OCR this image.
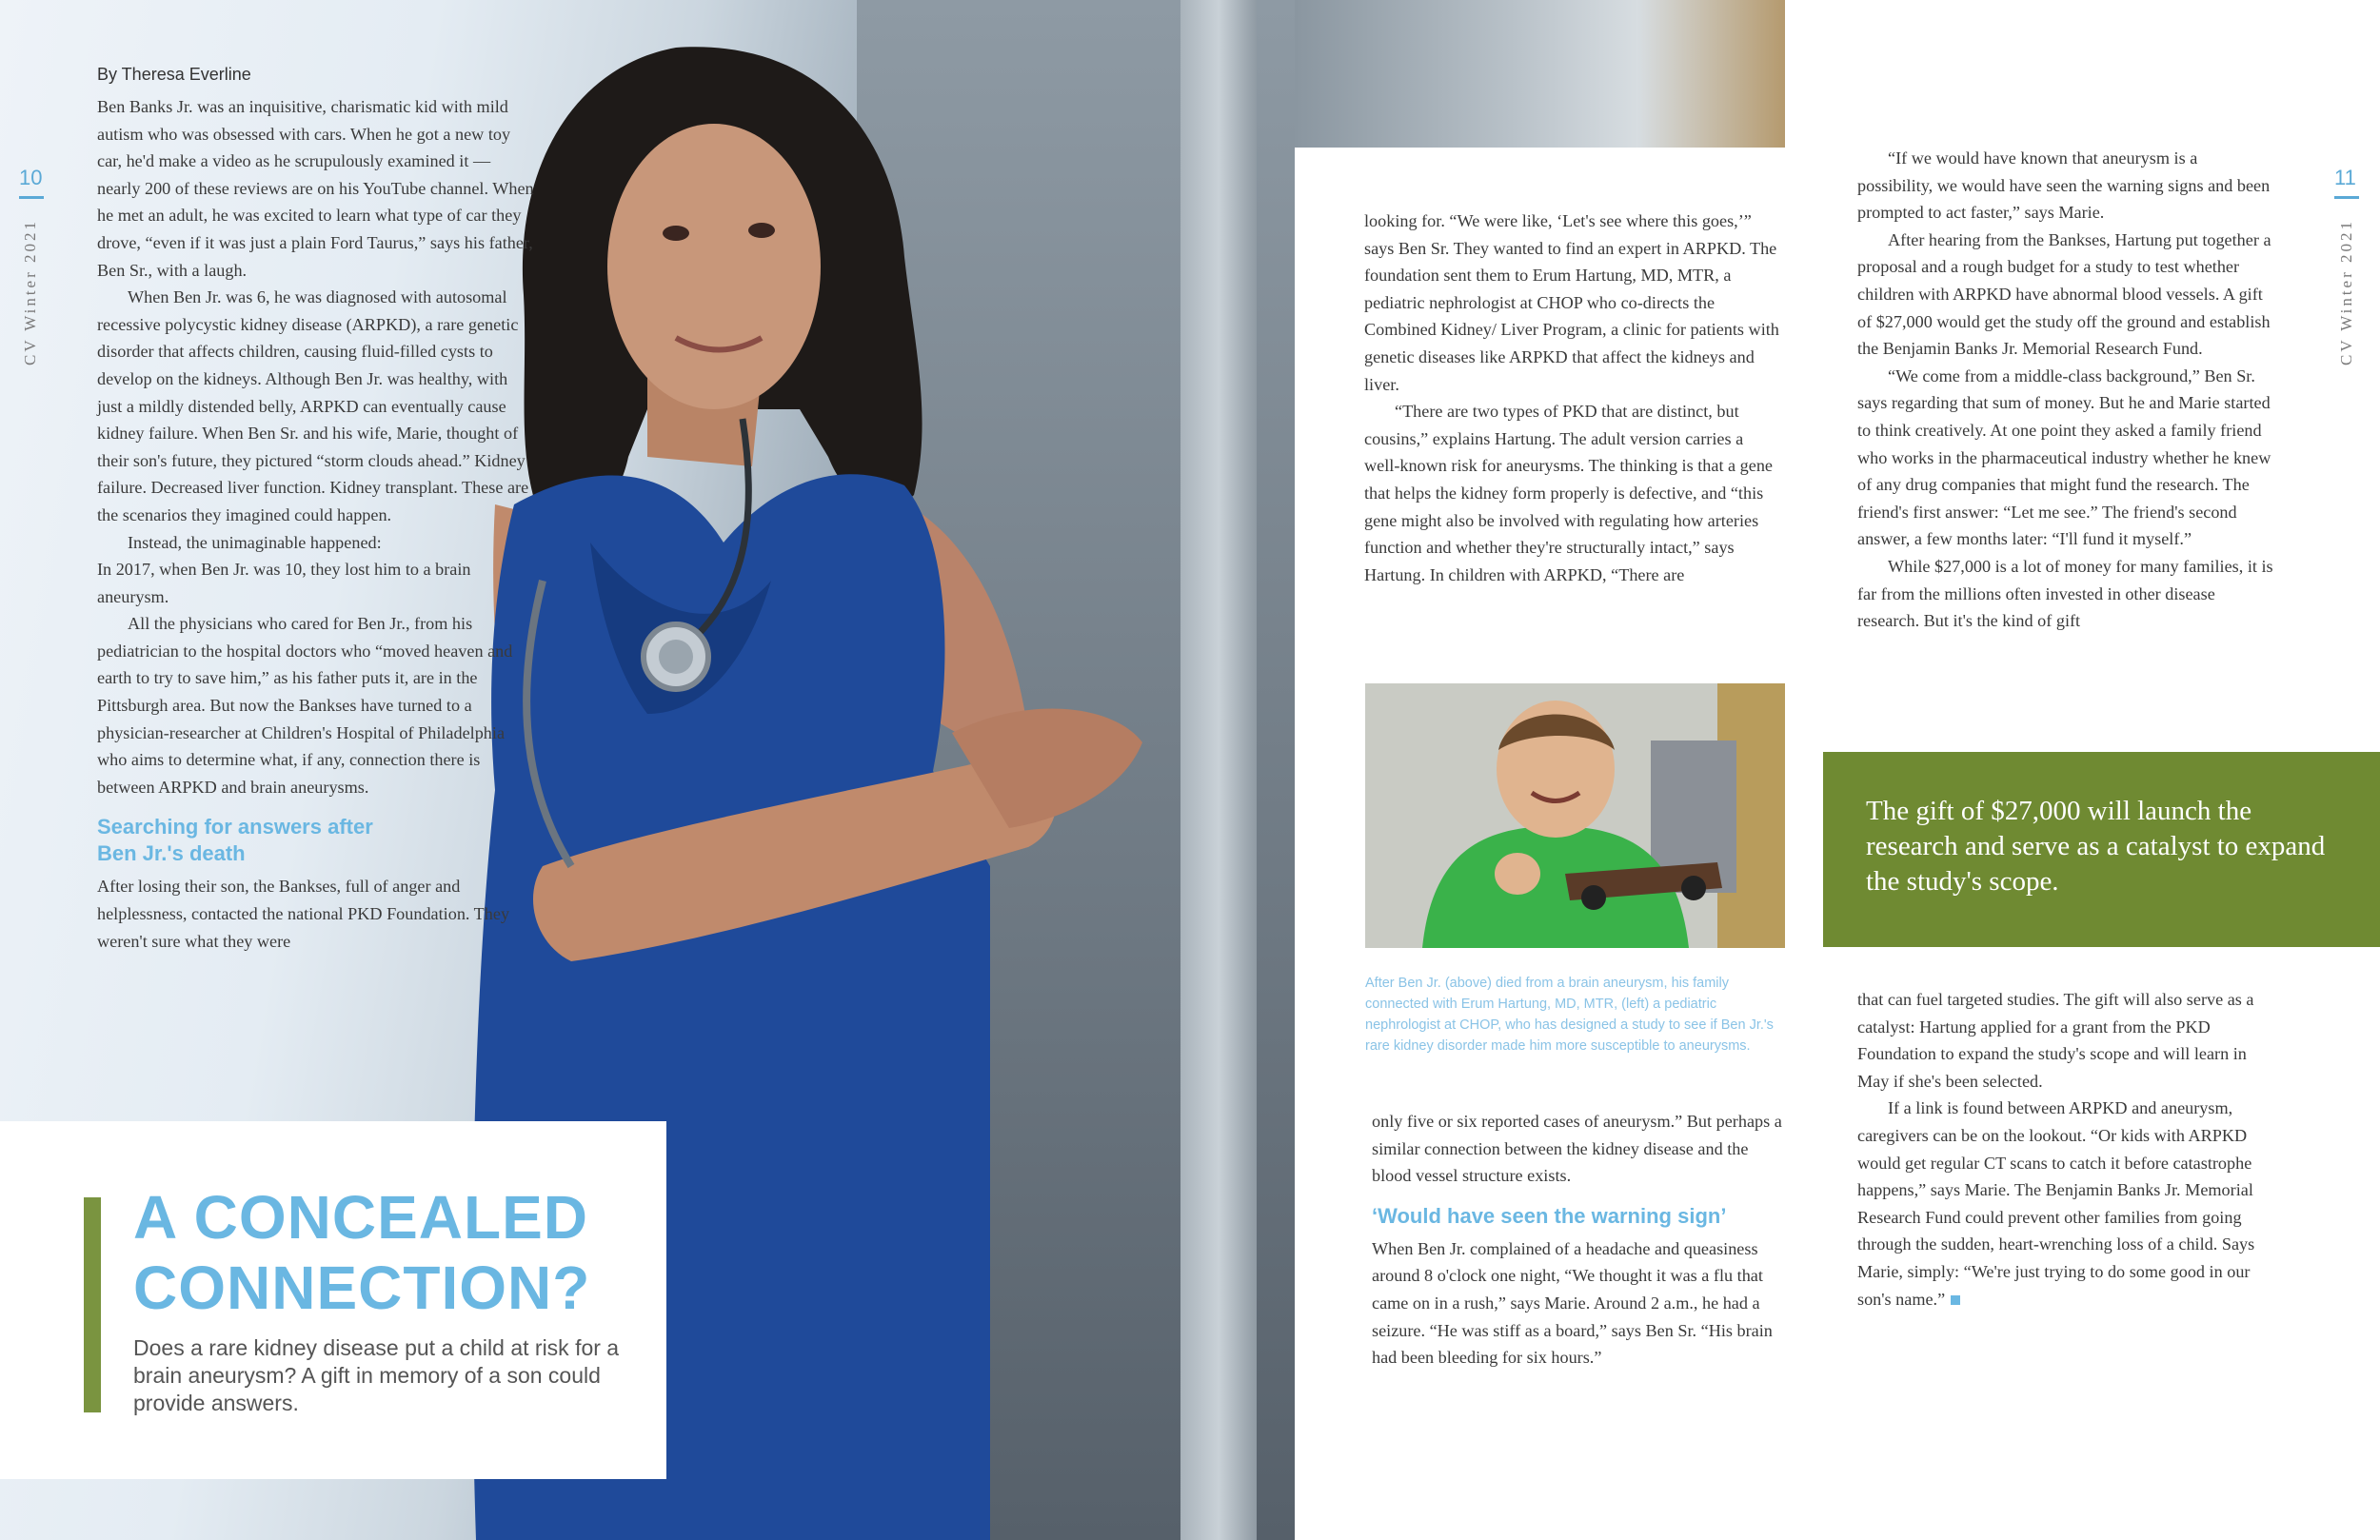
10
CV Winter 2021
11
CV Winter 2021
By Theresa Everline

Ben Banks Jr. was an inquisitive, charismatic kid with mild autism who was obsessed with cars. When he got a new toy car, he'd make a video as he scrupulously examined it — nearly 200 of these reviews are on his YouTube channel. When he met an adult, he was excited to learn what type of car they drove, “even if it was just a plain Ford Taurus,” says his father, Ben Sr., with a laugh.

When Ben Jr. was 6, he was diagnosed with autosomal recessive polycystic kidney disease (ARPKD), a rare genetic disorder that affects children, causing fluid-filled cysts to develop on the kidneys. Although Ben Jr. was healthy, with just a mildly distended belly, ARPKD can eventually cause kidney failure. When Ben Sr. and his wife, Marie, thought of their son's future, they pictured “storm clouds ahead.” Kidney failure. Decreased liver function. Kidney transplant. These are the scenarios they imagined could happen.

Instead, the unimaginable happened:

In 2017, when Ben Jr. was 10, they lost him to a brain aneurysm.

All the physicians who cared for Ben Jr., from his pediatrician to the hospital doctors who “moved heaven and earth to try to save him,” as his father puts it, are in the Pittsburgh area. But now the Bankses have turned to a physician-researcher at Children's Hospital of Philadelphia who aims to determine what, if any, connection there is between ARPKD and brain aneurysms.

Searching for answers after Ben Jr.'s death

After losing their son, the Bankses, full of anger and helplessness, contacted the national PKD Foundation. They weren't sure what they were

A CONCEALED
CONNECTION?
Does a rare kidney disease put a child at risk for a brain aneurysm? A gift in memory of a son could provide answers.

looking for. “We were like, ‘Let's see where this goes,’” says Ben Sr. They wanted to find an expert in ARPKD. The foundation sent them to Erum Hartung, MD, MTR, a pediatric nephrologist at CHOP who co-directs the Combined Kidney/ Liver Program, a clinic for patients with genetic diseases like ARPKD that affect the kidneys and liver.

“There are two types of PKD that are distinct, but cousins,” explains Hartung. The adult version carries a well-known risk for aneurysms. The thinking is that a gene that helps the kidney form properly is defective, and “this gene might also be involved with regulating how arteries function and whether they're structurally intact,” says Hartung. In children with ARPKD, “There are

After Ben Jr. (above) died from a brain aneurysm, his family connected with Erum Hartung, MD, MTR, (left) a pediatric nephrologist at CHOP, who has designed a study to see if Ben Jr.'s rare kidney disorder made him more susceptible to aneurysms.

only five or six reported cases of aneurysm.” But perhaps a similar connection between the kidney disease and the blood vessel structure exists.

‘Would have seen the warning sign’

When Ben Jr. complained of a headache and queasiness around 8 o'clock one night, “We thought it was a flu that came on in a rush,” says Marie. Around 2 a.m., he had a seizure. “He was stiff as a board,” says Ben Sr. “His brain had been bleeding for six hours.”

“If we would have known that aneurysm is a possibility, we would have seen the warning signs and been prompted to act faster,” says Marie.

After hearing from the Bankses, Hartung put together a proposal and a rough budget for a study to test whether children with ARPKD have abnormal blood vessels. A gift of $27,000 would get the study off the ground and establish the Benjamin Banks Jr. Memorial Research Fund.

“We come from a middle-class background,” Ben Sr. says regarding that sum of money. But he and Marie started to think creatively. At one point they asked a family friend who works in the pharmaceutical industry whether he knew of any drug companies that might fund the research. The friend's first answer: “Let me see.” The friend's second answer, a few months later: “I'll fund it myself.”

While $27,000 is a lot of money for many families, it is far from the millions often invested in other disease research. But it's the kind of gift

The gift of $27,000 will launch the research and serve as a catalyst to expand the study's scope.

that can fuel targeted studies. The gift will also serve as a catalyst: Hartung applied for a grant from the PKD Foundation to expand the study's scope and will learn in May if she's been selected.

If a link is found between ARPKD and aneurysm, caregivers can be on the lookout. “Or kids with ARPKD would get regular CT scans to catch it before catastrophe happens,” says Marie. The Benjamin Banks Jr. Memorial Research Fund could prevent other families from going through the sudden, heart-wrenching loss of a child. Says Marie, simply: “We're just trying to do some good in our son's name.”
